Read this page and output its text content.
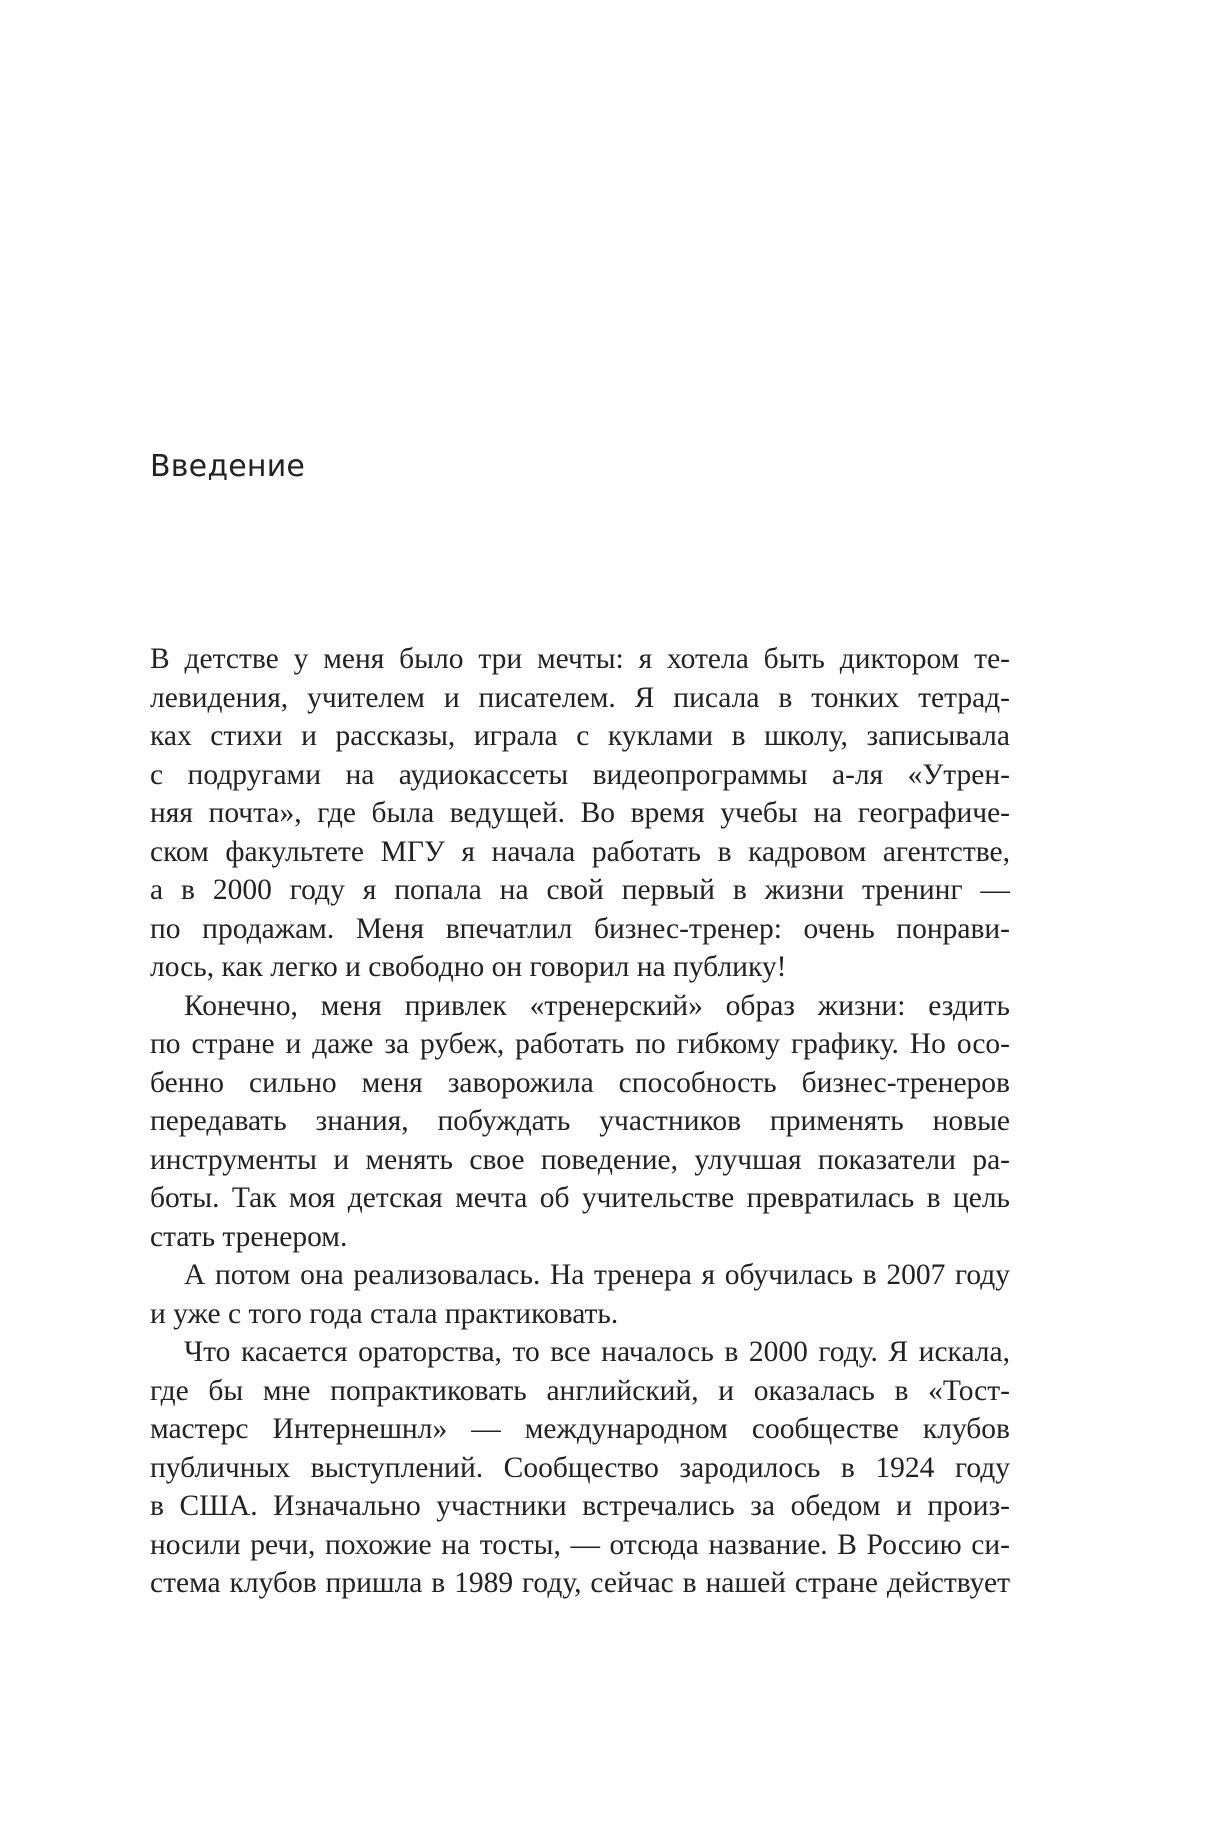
Введение
В детстве у меня было три мечты: я хотела быть диктором те-
левидения, учителем и писателем. Я писала в тонких тетрад-
ках стихи и рассказы, играла с куклами в школу, записывала
с подругами на аудиокассеты видеопрограммы а-ля «Утрен-
няя почта», где была ведущей. Во время учебы на географиче-
ском факультете МГУ я начала работать в кадровом агентстве,
а в 2000 году я попала на свой первый в жизни тренинг —
по продажам. Меня впечатлил бизнес-тренер: очень понрави-
лось, как легко и свободно он говорил на публику!
Конечно, меня привлек «тренерский» образ жизни: ездить
по стране и даже за рубеж, работать по гибкому графику. Но осо-
бенно сильно меня заворожила способность бизнес-тренеров
передавать знания, побуждать участников применять новые
инструменты и менять свое поведение, улучшая показатели ра-
боты. Так моя детская мечта об учительстве превратилась в цель
стать тренером.
А потом она реализовалась. На тренера я обучилась в 2007 году
и уже с того года стала практиковать.
Что касается ораторства, то все началось в 2000 году. Я искала,
где бы мне попрактиковать английский, и оказалась в «Тост-
мастерс Интернешнл» — международном сообществе клубов
публичных выступлений. Сообщество зародилось в 1924 году
в США. Изначально участники встречались за обедом и произ-
носили речи, похожие на тосты, — отсюда название. В Россию си-
стема клубов пришла в 1989 году, сейчас в нашей стране действует
